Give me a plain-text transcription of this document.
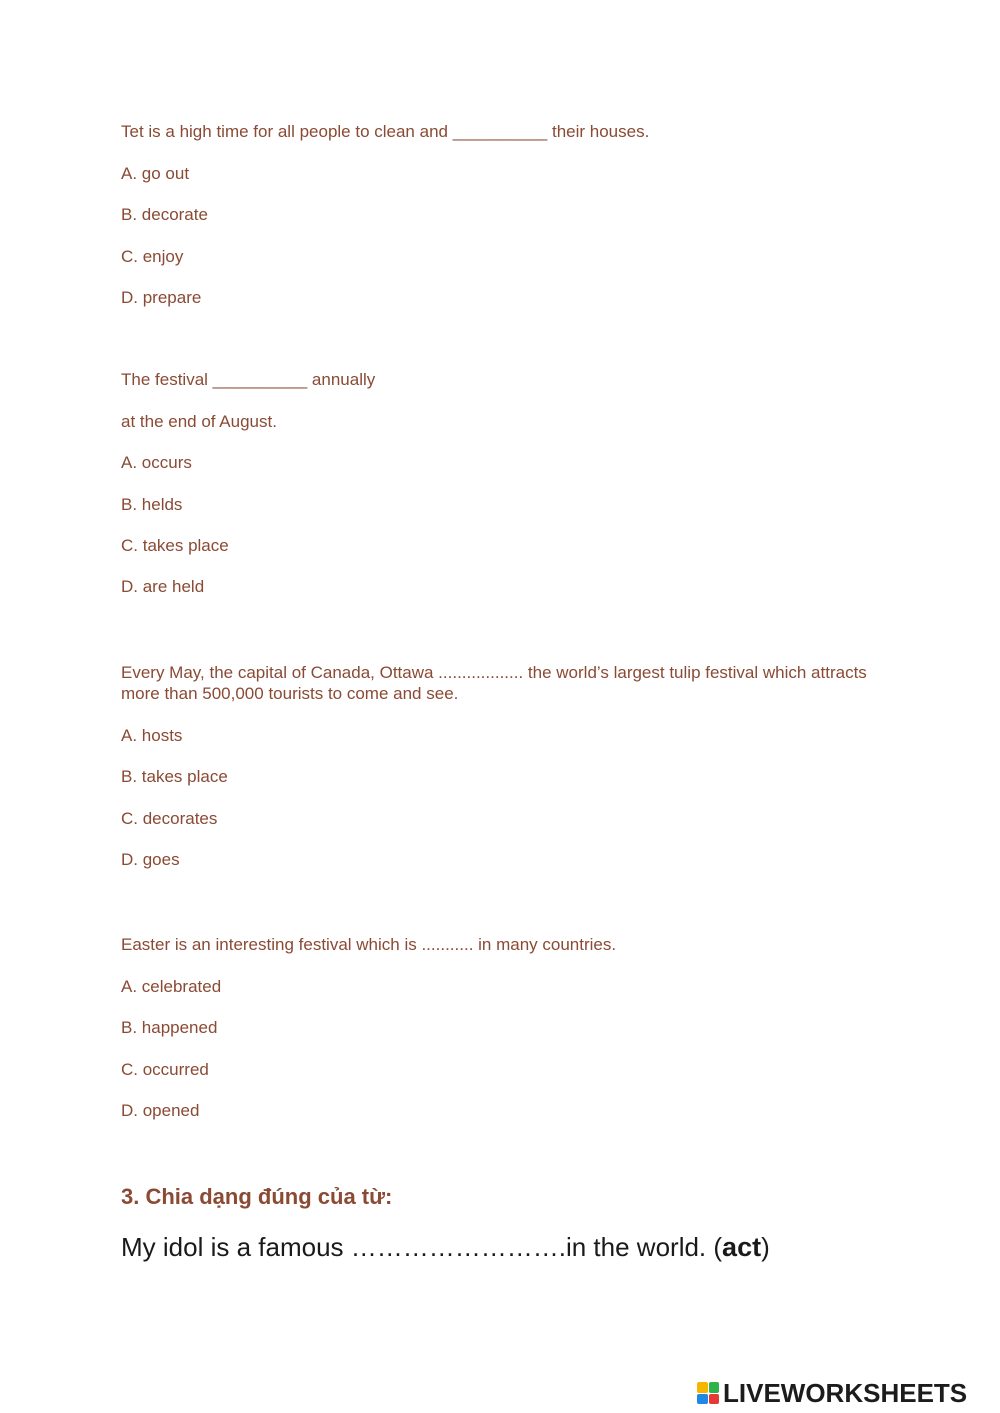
Tet is a high time for all people to clean and __________ their houses.
A. go out
B. decorate
C. enjoy
D. prepare
The festival __________ annually
at the end of August.
A. occurs
B. helds
C. takes place
D. are held
Every May, the capital of Canada, Ottawa .................. the world’s largest tulip festival which attracts more than 500,000 tourists to come and see.
A. hosts
B. takes place
C. decorates
D. goes
Easter is an interesting festival which is ........... in many countries.
A. celebrated
B. happened
C. occurred
D. opened
3. Chia dạng đúng của từ:
My idol is a famous …………………….in the world. (act)
LIVEWORKSHEETS
